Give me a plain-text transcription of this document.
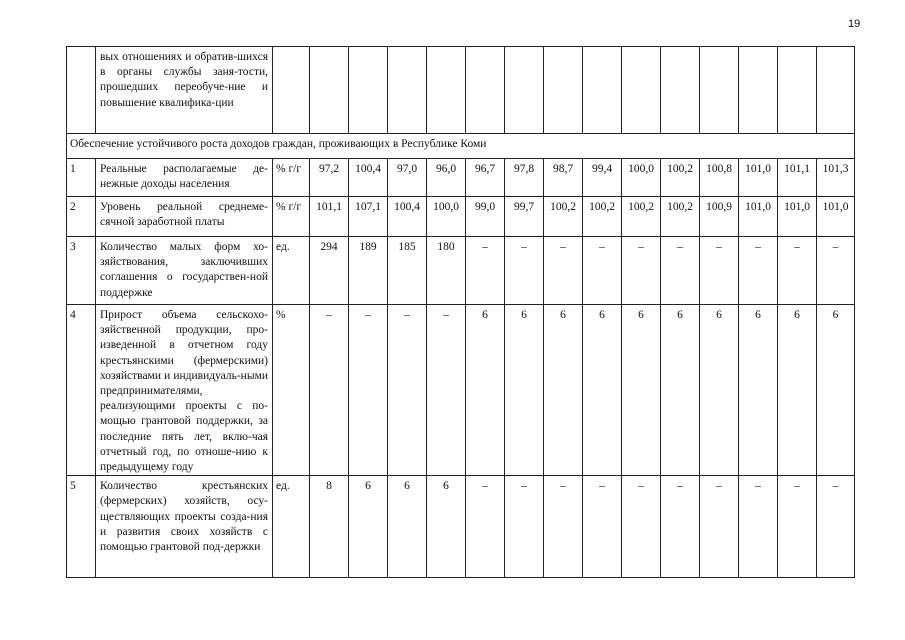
19
	вых отношениях и обратив-шихся в органы службы заня-тости, прошедших переобуче-ние и повышение квалифика-ции															
Обеспечение устойчивого роста доходов граждан, проживающих в Республике Коми																
1	Реальные располагаемые де-нежные доходы населения	% г/г	97,2	100,4	97,0	96,0	96,7	97,8	98,7	99,4	100,0	100,2	100,8	101,0	101,1	101,3
2	Уровень реальной среднеме-сячной заработной платы	% г/г	101,1	107,1	100,4	100,0	99,0	99,7	100,2	100,2	100,2	100,2	100,9	101,0	101,0	101,0
3	Количество малых форм хо-зяйствования, заключивших соглашения о государствен-ной поддержке	ед.	294	189	185	180	–	–	–	–	–	–	–	–	–	–
4	Прирост объема сельскохо-зяйственной продукции, про-изведенной в отчетном году крестьянскими (фермерскими) хозяйствами и индивидуаль-ными предпринимателями, реализующими проекты с по-мощью грантовой поддержки, за последние пять лет, вклю-чая отчетный год, по отноше-нию к предыдущему году	%	–	–	–	–	6	6	6	6	6	6	6	6	6	6
5	Количество крестьянских (фермерских) хозяйств, осу-ществляющих проекты созда-ния и развития своих хозяйств с помощью грантовой под-держки	ед.	8	6	6	6	–	–	–	–	–	–	–	–	–	–
